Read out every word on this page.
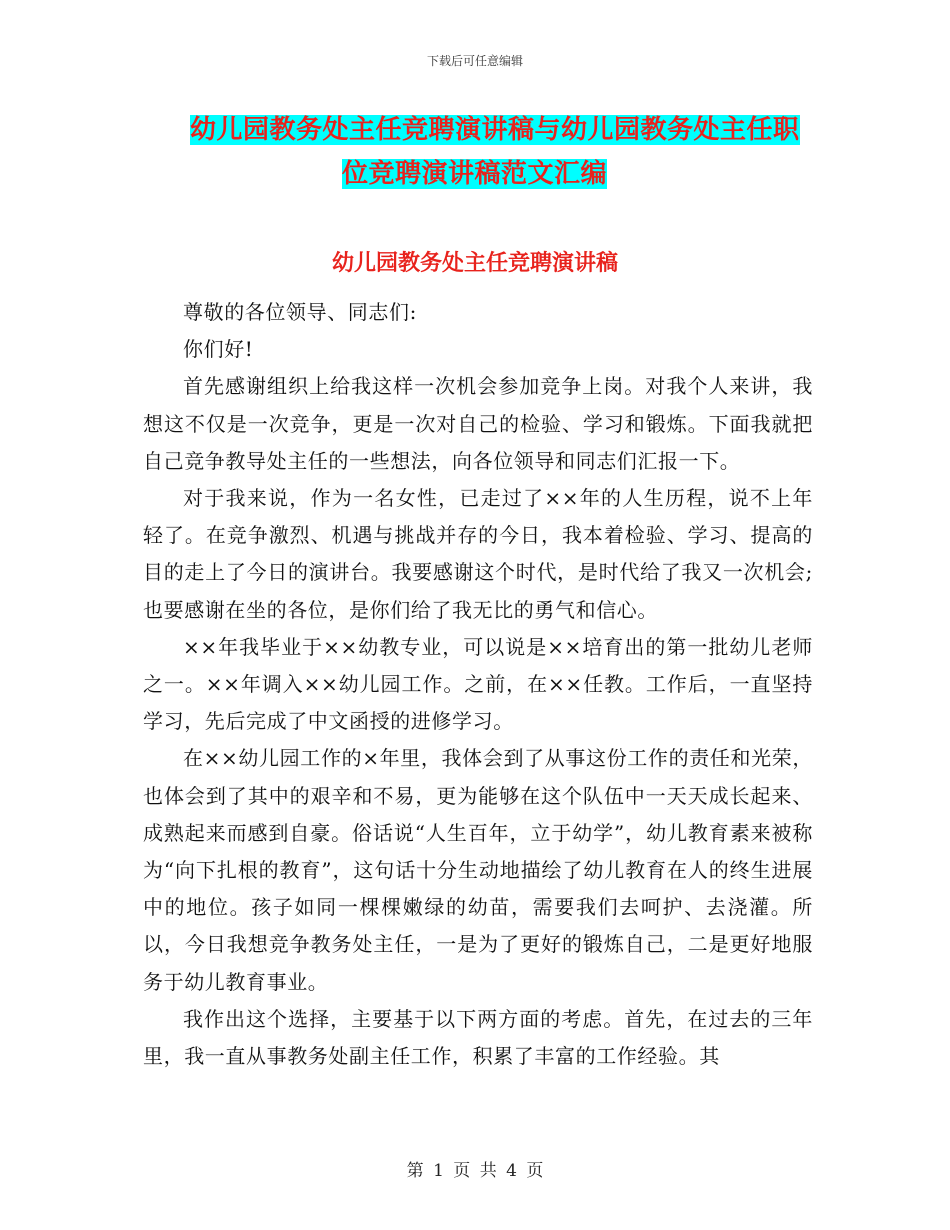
下载后可任意编辑
幼儿园教务处主任竞聘演讲稿与幼儿园教务处主任职
位竞聘演讲稿范文汇编
幼儿园教务处主任竞聘演讲稿

尊敬的各位领导、同志们:

你们好!

首先感谢组织上给我这样一次机会参加竞争上岗。对我个人来讲，我想这不仅是一次竞争，更是一次对自己的检验、学习和锻炼。下面我就把自己竞争教导处主任的一些想法，向各位领导和同志们汇报一下。

对于我来说，作为一名女性，已走过了××年的人生历程，说不上年轻了。在竞争激烈、机遇与挑战并存的今日，我本着检验、学习、提高的目的走上了今日的演讲台。我要感谢这个时代，是时代给了我又一次机会;也要感谢在坐的各位，是你们给了我无比的勇气和信心。

××年我毕业于××幼教专业，可以说是××培育出的第一批幼儿老师之一。××年调入××幼儿园工作。之前，在××任教。工作后，一直坚持学习，先后完成了中文函授的进修学习。

在××幼儿园工作的×年里，我体会到了从事这份工作的责任和光荣，也体会到了其中的艰辛和不易，更为能够在这个队伍中一天天成长起来、成熟起来而感到自豪。俗话说“人生百年，立于幼学”，幼儿教育素来被称为“向下扎根的教育”，这句话十分生动地描绘了幼儿教育在人的终生进展中的地位。孩子如同一棵棵嫩绿的幼苗，需要我们去呵护、去浇灌。所以，今日我想竞争教务处主任，一是为了更好的锻炼自己，二是更好地服务于幼儿教育事业。

我作出这个选择，主要基于以下两方面的考虑。首先，在过去的三年里，我一直从事教务处副主任工作，积累了丰富的工作经验。其

第 1 页 共 4 页
